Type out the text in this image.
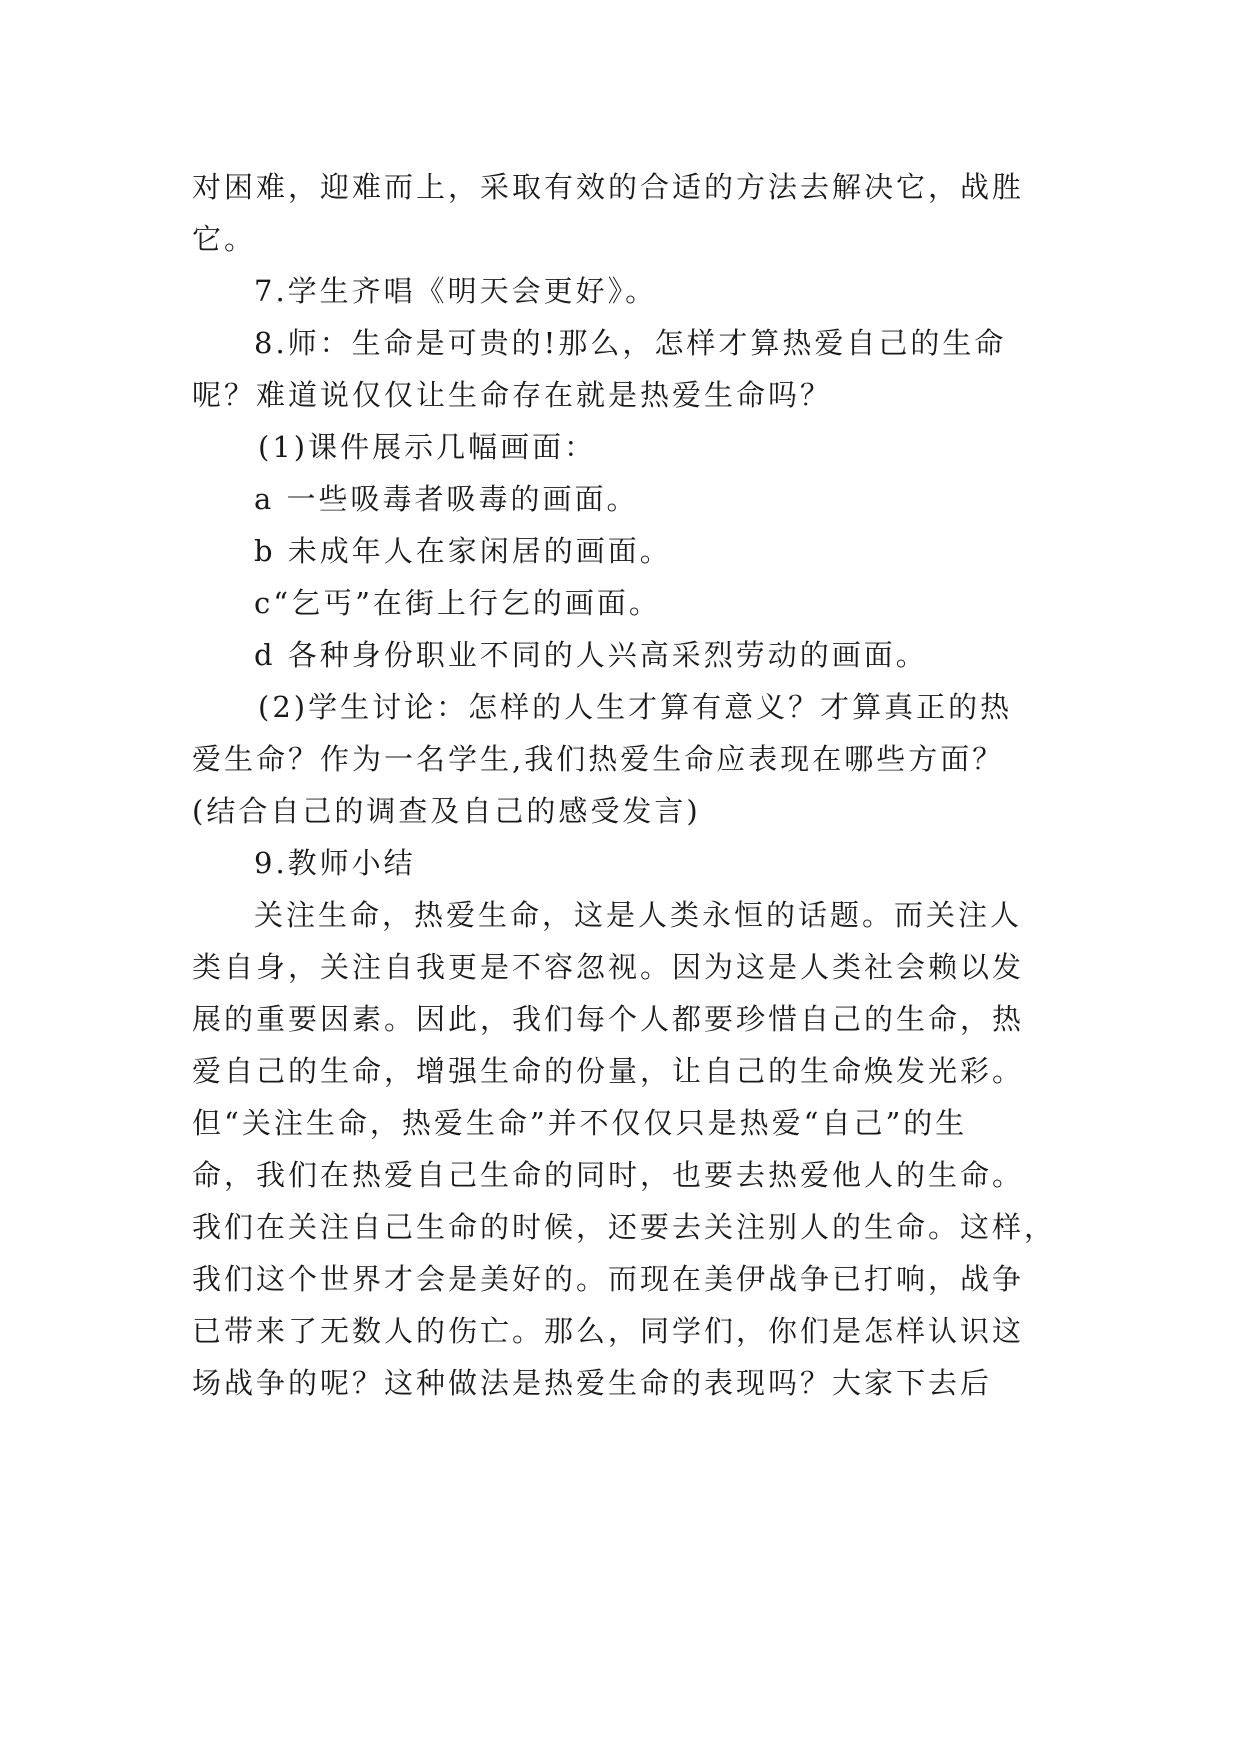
对困难，迎难而上，采取有效的合适的方法去解决它，战胜
它。
7.学生齐唱《明天会更好》。
8.师：生命是可贵的!那么，怎样才算热爱自己的生命
呢？难道说仅仅让生命存在就是热爱生命吗？
(1)课件展示几幅画面：
a 一些吸毒者吸毒的画面。
b 未成年人在家闲居的画面。
c“乞丐”在街上行乞的画面。
d 各种身份职业不同的人兴高采烈劳动的画面。
(2)学生讨论：怎样的人生才算有意义？才算真正的热
爱生命？作为一名学生,我们热爱生命应表现在哪些方面？
(结合自己的调查及自己的感受发言)
9.教师小结
关注生命，热爱生命，这是人类永恒的话题。而关注人
类自身，关注自我更是不容忽视。因为这是人类社会赖以发
展的重要因素。因此，我们每个人都要珍惜自己的生命，热
爱自己的生命，增强生命的份量，让自己的生命焕发光彩。
但“关注生命，热爱生命”并不仅仅只是热爱“自己”的生
命，我们在热爱自己生命的同时，也要去热爱他人的生命。
我们在关注自己生命的时候，还要去关注别人的生命。这样，
我们这个世界才会是美好的。而现在美伊战争已打响，战争
已带来了无数人的伤亡。那么，同学们，你们是怎样认识这
场战争的呢？这种做法是热爱生命的表现吗？大家下去后
